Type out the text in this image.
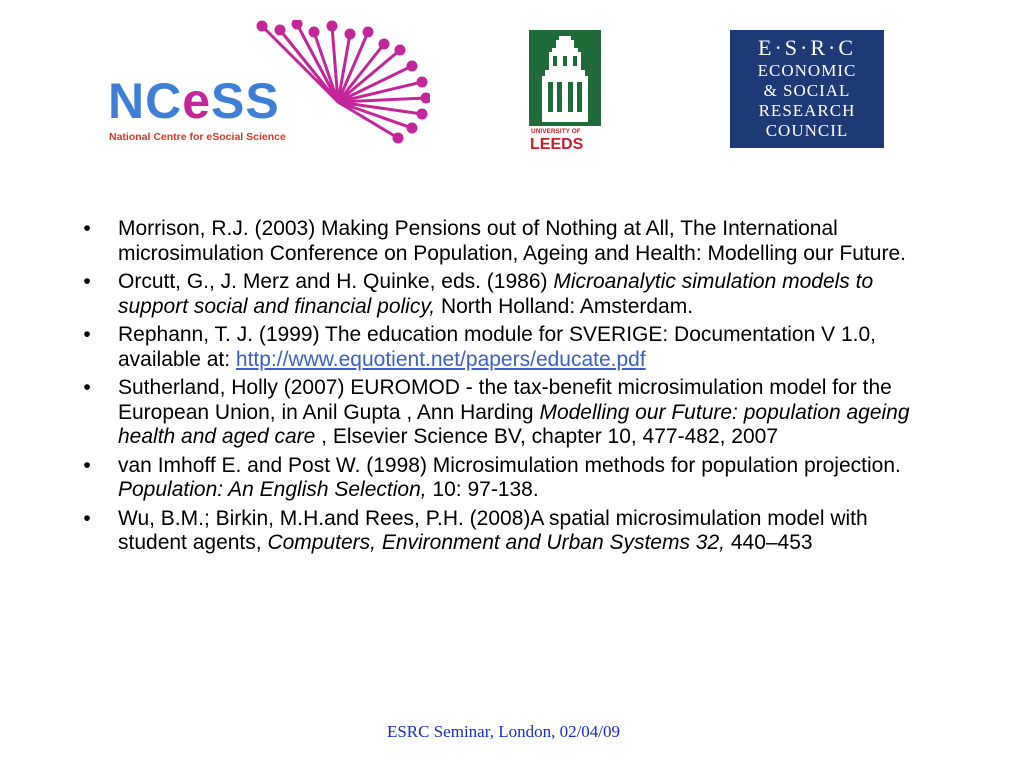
NCeSS
National Centre for eSocial Science	UNIVERSITY OF
LEEDS
E·S·R·C
ECONOMIC
& SOCIAL
RESEARCH
COUNCIL
•	Morrison, R.J. (2003) Making Pensions out of Nothing at All, The International microsimulation Conference on Population, Ageing and Health: Modelling our Future.
•	Orcutt, G., J. Merz and H. Quinke, eds. (1986) Microanalytic simulation models to support social and financial policy, North Holland: Amsterdam.
•	Rephann, T. J. (1999) The education module for SVERIGE: Documentation V 1.0, available at: http://www.equotient.net/papers/educate.pdf
•	Sutherland, Holly (2007) EUROMOD - the tax-benefit microsimulation model for the European Union, in Anil Gupta , Ann Harding Modelling our Future: population ageing health and aged care , Elsevier Science BV, chapter 10, 477-482, 2007
•	van Imhoff E. and Post W. (1998) Microsimulation methods for population projection. Population: An English Selection, 10: 97-138.
•	Wu, B.M.; Birkin, M.H.and Rees, P.H. (2008)A spatial microsimulation model with student agents, Computers, Environment and Urban Systems 32, 440–453
ESRC Seminar, London, 02/04/09
